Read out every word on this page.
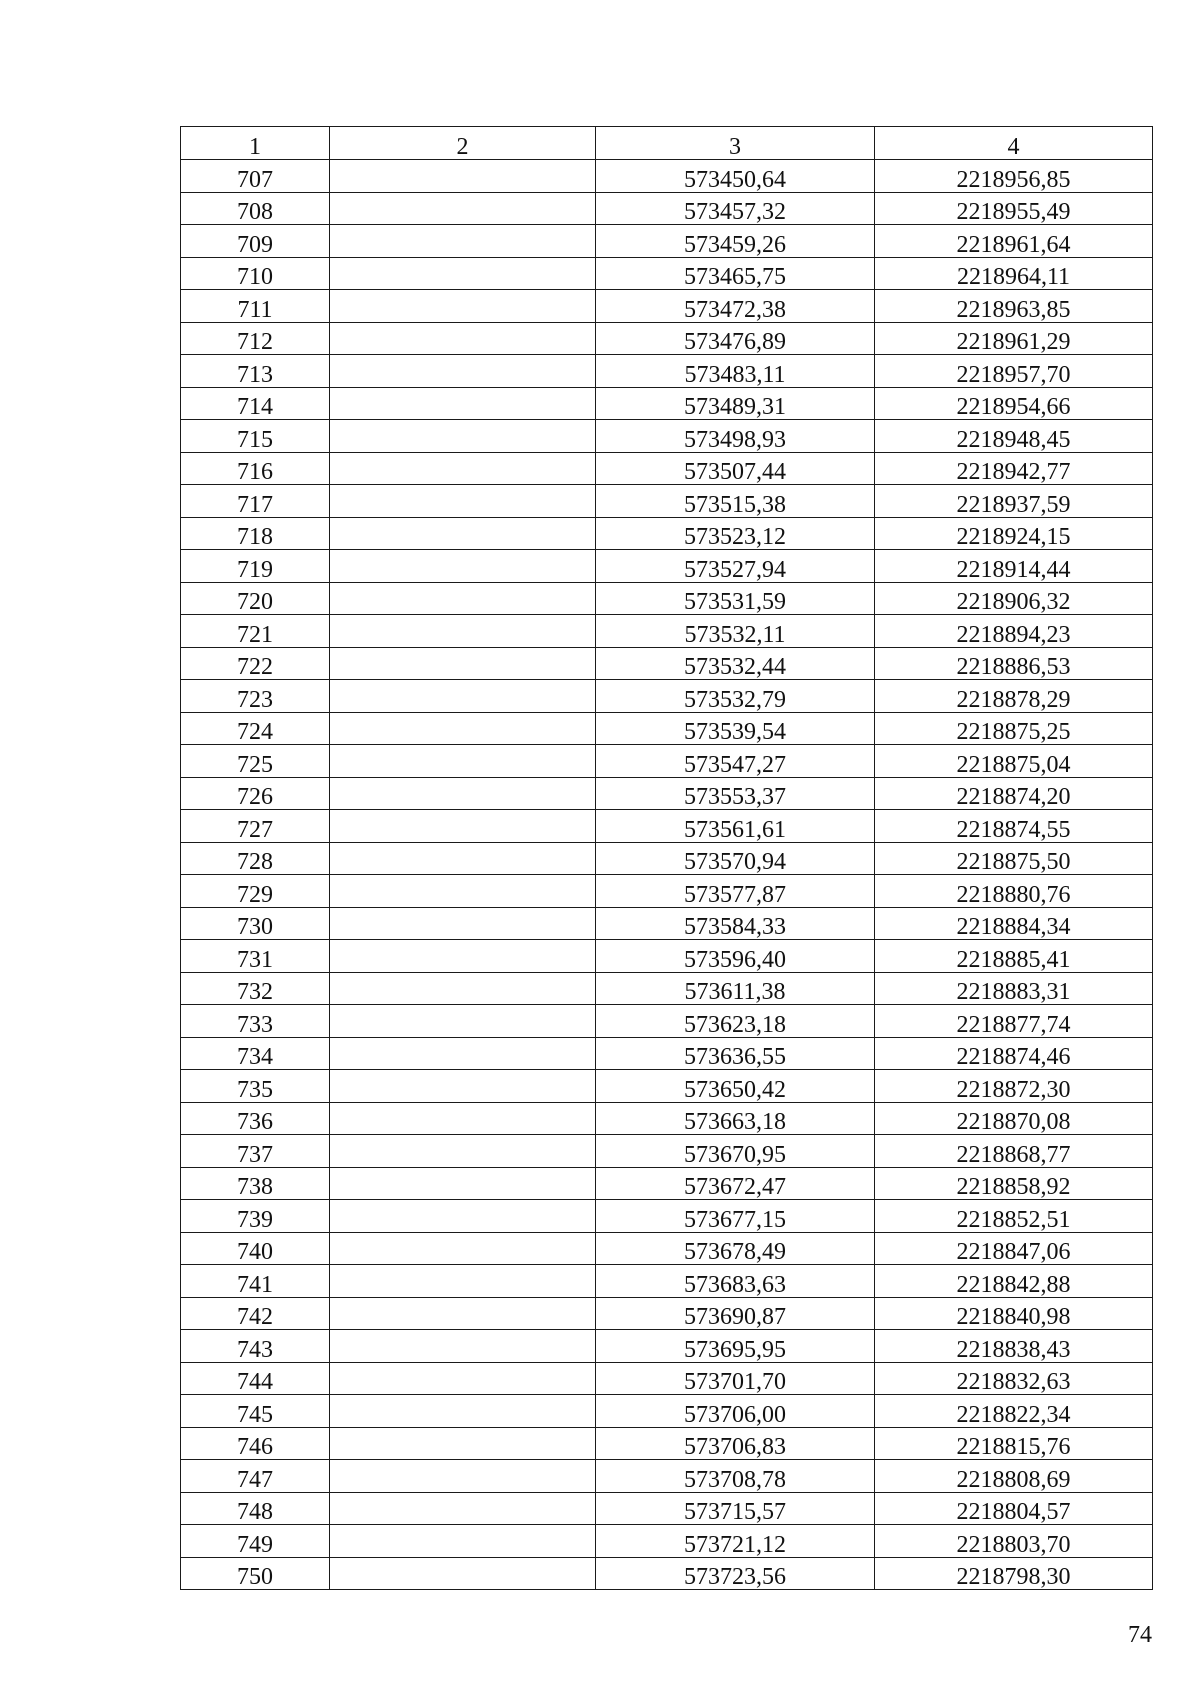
1	2	3	4
707		573450,64	2218956,85
708		573457,32	2218955,49
709		573459,26	2218961,64
710		573465,75	2218964,11
711		573472,38	2218963,85
712		573476,89	2218961,29
713		573483,11	2218957,70
714		573489,31	2218954,66
715		573498,93	2218948,45
716		573507,44	2218942,77
717		573515,38	2218937,59
718		573523,12	2218924,15
719		573527,94	2218914,44
720		573531,59	2218906,32
721		573532,11	2218894,23
722		573532,44	2218886,53
723		573532,79	2218878,29
724		573539,54	2218875,25
725		573547,27	2218875,04
726		573553,37	2218874,20
727		573561,61	2218874,55
728		573570,94	2218875,50
729		573577,87	2218880,76
730		573584,33	2218884,34
731		573596,40	2218885,41
732		573611,38	2218883,31
733		573623,18	2218877,74
734		573636,55	2218874,46
735		573650,42	2218872,30
736		573663,18	2218870,08
737		573670,95	2218868,77
738		573672,47	2218858,92
739		573677,15	2218852,51
740		573678,49	2218847,06
741		573683,63	2218842,88
742		573690,87	2218840,98
743		573695,95	2218838,43
744		573701,70	2218832,63
745		573706,00	2218822,34
746		573706,83	2218815,76
747		573708,78	2218808,69
748		573715,57	2218804,57
749		573721,12	2218803,70
750		573723,56	2218798,30
74
